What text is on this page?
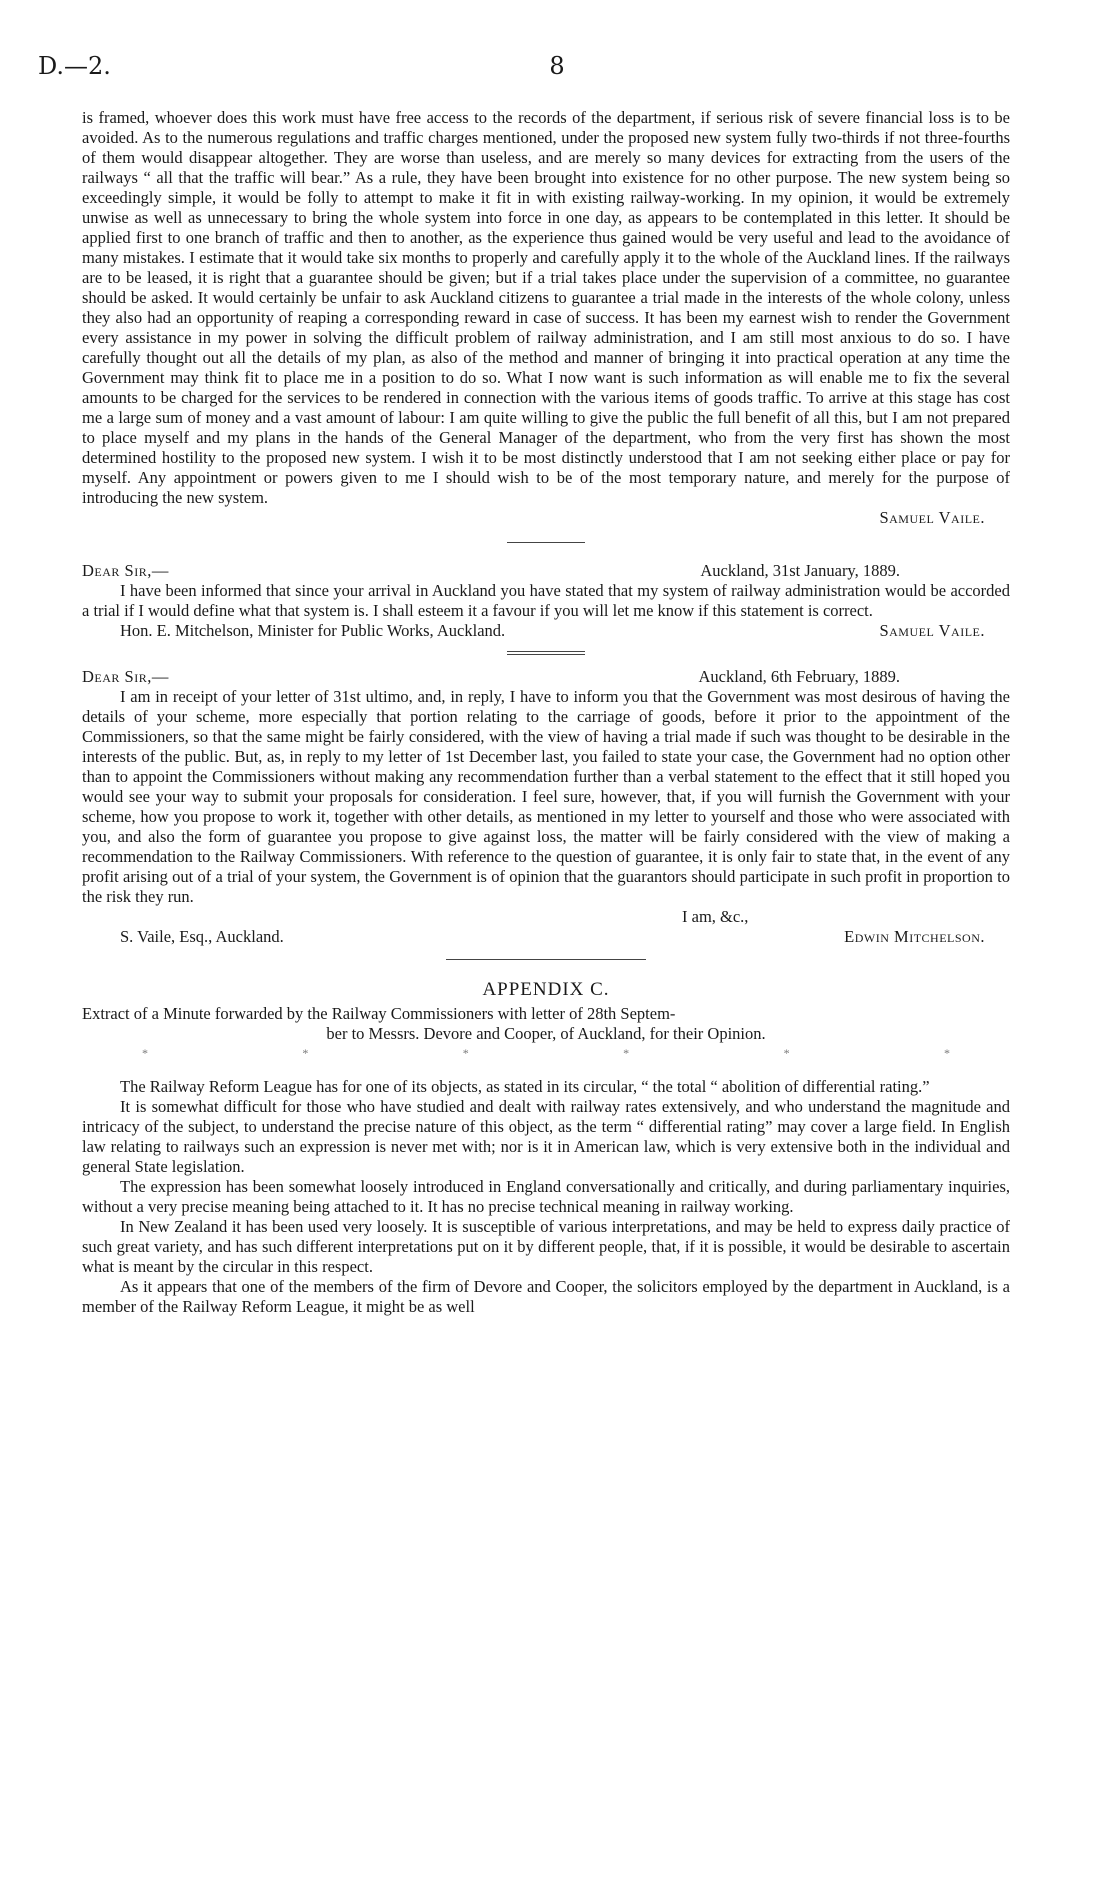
D.—2.	8

is framed, whoever does this work must have free access to the records of the department, if serious risk of severe financial loss is to be avoided. As to the numerous regulations and traffic charges mentioned, under the proposed new system fully two-thirds if not three-fourths of them would disappear altogether. They are worse than useless, and are merely so many devices for extracting from the users of the railways “ all that the traffic will bear.” As a rule, they have been brought into existence for no other purpose. The new system being so exceedingly simple, it would be folly to attempt to make it fit in with existing railway-working. In my opinion, it would be extremely unwise as well as unnecessary to bring the whole system into force in one day, as appears to be contemplated in this letter. It should be applied first to one branch of traffic and then to another, as the experience thus gained would be very useful and lead to the avoidance of many mistakes. I estimate that it would take six months to properly and carefully apply it to the whole of the Auckland lines. If the railways are to be leased, it is right that a guarantee should be given; but if a trial takes place under the supervision of a committee, no guarantee should be asked. It would certainly be unfair to ask Auckland citizens to guarantee a trial made in the interests of the whole colony, unless they also had an opportunity of reaping a corresponding reward in case of success. It has been my earnest wish to render the Government every assistance in my power in solving the difficult problem of railway administration, and I am still most anxious to do so. I have carefully thought out all the details of my plan, as also of the method and manner of bringing it into practical operation at any time the Government may think fit to place me in a position to do so. What I now want is such information as will enable me to fix the several amounts to be charged for the services to be rendered in connection with the various items of goods traffic. To arrive at this stage has cost me a large sum of money and a vast amount of labour: I am quite willing to give the public the full benefit of all this, but I am not prepared to place myself and my plans in the hands of the General Manager of the department, who from the very first has shown the most determined hostility to the proposed new system. I wish it to be most distinctly understood that I am not seeking either place or pay for myself. Any appointment or powers given to me I should wish to be of the most temporary nature, and merely for the purpose of introducing the new system.

Samuel Vaile.
Dear Sir,—	Auckland, 31st January, 1889.

I have been informed that since your arrival in Auckland you have stated that my system of railway administration would be accorded a trial if I would define what that system is. I shall esteem it a favour if you will let me know if this statement is correct.

Hon. E. Mitchelson, Minister for Public Works, Auckland.	Samuel Vaile.
Dear Sir,—	Auckland, 6th February, 1889.

I am in receipt of your letter of 31st ultimo, and, in reply, I have to inform you that the Government was most desirous of having the details of your scheme, more especially that portion relating to the carriage of goods, before it prior to the appointment of the Commissioners, so that the same might be fairly considered, with the view of having a trial made if such was thought to be desirable in the interests of the public. But, as, in reply to my letter of 1st December last, you failed to state your case, the Government had no option other than to appoint the Commissioners without making any recommendation further than a verbal statement to the effect that it still hoped you would see your way to submit your proposals for consideration. I feel sure, however, that, if you will furnish the Government with your scheme, how you propose to work it, together with other details, as mentioned in my letter to yourself and those who were associated with you, and also the form of guarantee you propose to give against loss, the matter will be fairly considered with the view of making a recommendation to the Railway Commissioners. With reference to the question of guarantee, it is only fair to state that, in the event of any profit arising out of a trial of your system, the Government is of opinion that the guarantors should participate in such profit in proportion to the risk they run.

I am, &c.,
S. Vaile, Esq., Auckland.	Edwin Mitchelson.
APPENDIX C.
Extract of a Minute forwarded by the Railway Commissioners with letter of 28th Septem-
ber to Messrs. Devore and Cooper, of Auckland, for their Opinion.
*	*	*	*	*	*

The Railway Reform League has for one of its objects, as stated in its circular, “ the total “ abolition of differential rating.”

It is somewhat difficult for those who have studied and dealt with railway rates extensively, and who understand the magnitude and intricacy of the subject, to understand the precise nature of this object, as the term “ differential rating” may cover a large field. In English law relating to railways such an expression is never met with; nor is it in American law, which is very extensive both in the individual and general State legislation.

The expression has been somewhat loosely introduced in England conversationally and critically, and during parliamentary inquiries, without a very precise meaning being attached to it. It has no precise technical meaning in railway working.

In New Zealand it has been used very loosely. It is susceptible of various interpretations, and may be held to express daily practice of such great variety, and has such different interpretations put on it by different people, that, if it is possible, it would be desirable to ascertain what is meant by the circular in this respect.

As it appears that one of the members of the firm of Devore and Cooper, the solicitors employed by the department in Auckland, is a member of the Railway Reform League, it might be as well
